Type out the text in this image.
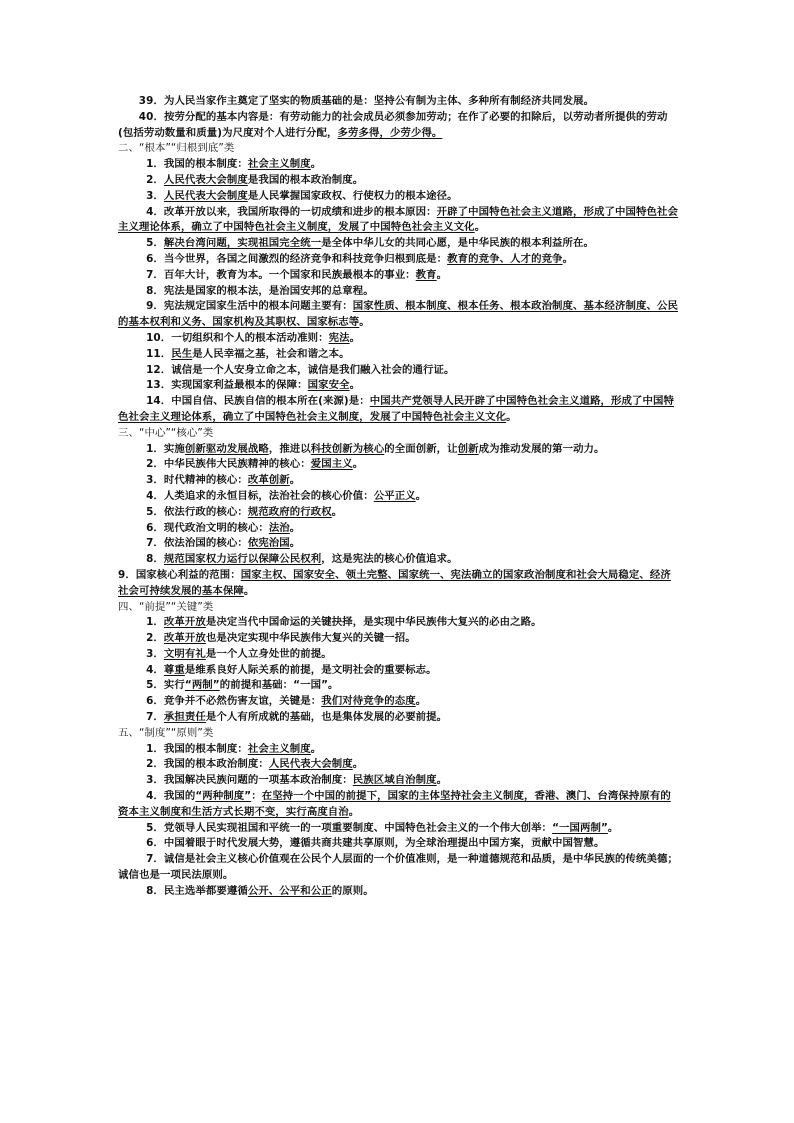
39．为人民当家作主奠定了坚实的物质基础的是：坚持公有制为主体、多种所有制经济共同发展。

40．按劳分配的基本内容是：有劳动能力的社会成员必须参加劳动；在作了必要的扣除后，以劳动者所提供的劳动(包括劳动数量和质量)为尺度对个人进行分配，多劳多得，少劳少得。

二、“根本”“归根到底”类

1．我国的根本制度：社会主义制度。

2．人民代表大会制度是我国的根本政治制度。

3．人民代表大会制度是人民掌握国家政权、行使权力的根本途径。

4．改革开放以来，我国所取得的一切成绩和进步的根本原因：开辟了中国特色社会主义道路，形成了中国特色社会主义理论体系，确立了中国特色社会主义制度，发展了中国特色社会主义文化。

5．解决台湾问题，实现祖国完全统一是全体中华儿女的共同心愿，是中华民族的根本利益所在。

6．当今世界，各国之间激烈的经济竞争和科技竞争归根到底是：教育的竞争、人才的竞争。

7．百年大计，教育为本。一个国家和民族最根本的事业：教育。

8．宪法是国家的根本法，是治国安邦的总章程。

9．宪法规定国家生活中的根本问题主要有：国家性质、根本制度、根本任务、根本政治制度、基本经济制度、公民的基本权利和义务、国家机构及其职权、国家标志等。

10．一切组织和个人的根本活动准则：宪法。

11．民生是人民幸福之基，社会和谐之本。

12．诚信是一个人安身立命之本，诚信是我们融入社会的通行证。

13．实现国家利益最根本的保障：国家安全。

14．中国自信、民族自信的根本所在(来源)是：中国共产党领导人民开辟了中国特色社会主义道路，形成了中国特色社会主义理论体系，确立了中国特色社会主义制度，发展了中国特色社会主义文化。

三、“中心”“核心”类

1．实施创新驱动发展战略，推进以科技创新为核心的全面创新，让创新成为推动发展的第一动力。

2．中华民族伟大民族精神的核心：爱国主义。

3．时代精神的核心：改革创新。

4．人类追求的永恒目标，法治社会的核心价值：公平正义。

5．依法行政的核心：规范政府的行政权。

6．现代政治文明的核心：法治。

7．依法治国的核心：依宪治国。

8．规范国家权力运行以保障公民权利，这是宪法的核心价值追求。

9．国家核心利益的范围：国家主权、国家安全、领土完整、国家统一、宪法确立的国家政治制度和社会大局稳定、经济社会可持续发展的基本保障。

四、“前提”“关键”类

1．改革开放是决定当代中国命运的关键抉择，是实现中华民族伟大复兴的必由之路。

2．改革开放也是决定实现中华民族伟大复兴的关键一招。

3．文明有礼是一个人立身处世的前提。

4．尊重是维系良好人际关系的前提，是文明社会的重要标志。

5．实行“两制”的前提和基础：“一国”。

6．竞争并不必然伤害友谊，关键是：我们对待竞争的态度。

7．承担责任是个人有所成就的基础，也是集体发展的必要前提。

五、“制度”“原则”类

1．我国的根本制度：社会主义制度。

2．我国的根本政治制度：人民代表大会制度。

3．我国解决民族问题的一项基本政治制度：民族区域自治制度。

4．我国的“两种制度”：在坚持一个中国的前提下，国家的主体坚持社会主义制度，香港、澳门、台湾保持原有的资本主义制度和生活方式长期不变，实行高度自治。

5．党领导人民实现祖国和平统一的一项重要制度、中国特色社会主义的一个伟大创举：“一国两制”。

6．中国着眼于时代发展大势，遵循共商共建共享原则，为全球治理提出中国方案，贡献中国智慧。

7．诚信是社会主义核心价值观在公民个人层面的一个价值准则，是一种道德规范和品质，是中华民族的传统美德；诚信也是一项民法原则。

8．民主选举都要遵循公开、公平和公正的原则。
